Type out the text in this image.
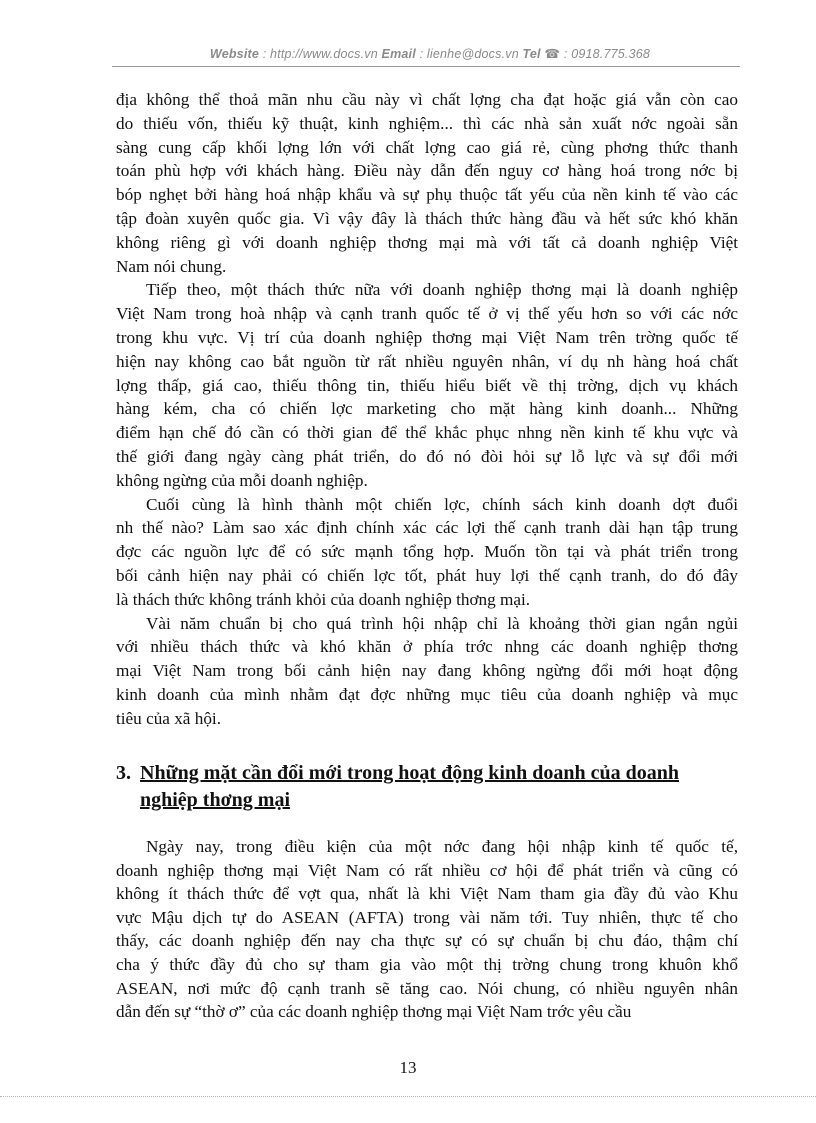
Website : http://www.docs.vn Email : lienhe@docs.vn Tel ☎ : 0918.775.368
địa không thể thoả mãn nhu cầu này vì chất lợng cha đạt hoặc giá vẫn còn cao
do thiếu vốn, thiếu kỹ thuật, kinh nghiệm... thì các nhà sản xuất nớc ngoài sẵn
sàng cung cấp khối lợng lớn với chất lợng cao giá rẻ, cùng phơng thức thanh
toán phù hợp với khách hàng. Điều này dẫn đến nguy cơ hàng hoá trong nớc bị
bóp nghẹt bởi hàng hoá nhập khẩu và sự phụ thuộc tất yếu của nền kinh tế vào các
tập đoàn xuyên quốc gia. Vì vậy đây là thách thức hàng đầu và hết sức khó khăn
không riêng gì với doanh nghiệp thơng mại mà với tất cả doanh nghiệp Việt
Nam nói chung.
Tiếp theo, một thách thức nữa với doanh nghiệp thơng mại là doanh nghiệp
Việt Nam trong hoà nhập và cạnh tranh quốc tế ở vị thế yếu hơn so với các nớc
trong khu vực. Vị trí của doanh nghiệp thơng mại Việt Nam trên trờng quốc tế
hiện nay không cao bắt nguồn từ rất nhiều nguyên nhân, ví dụ nh hàng hoá chất
lợng thấp, giá cao, thiếu thông tin, thiếu hiểu biết về thị trờng, dịch vụ khách
hàng kém, cha có chiến lợc marketing cho mặt hàng kinh doanh... Những
điểm hạn chế đó cần có thời gian để thể khắc phục nhng nền kinh tế khu vực và
thế giới đang ngày càng phát triển, do đó nó đòi hỏi sự lỗ lực và sự đổi mới
không ngừng của mỗi doanh nghiệp.
Cuối cùng là hình thành một chiến lợc, chính sách kinh doanh dợt đuổi
nh thế nào? Làm sao xác định chính xác các lợi thế cạnh tranh dài hạn tập trung
đợc các nguồn lực để có sức mạnh tổng hợp. Muốn tồn tại và phát triển trong
bối cảnh hiện nay phải có chiến lợc tốt, phát huy lợi thế cạnh tranh, do đó đây
là thách thức không tránh khỏi của doanh nghiệp thơng mại.
Vài năm chuẩn bị cho quá trình hội nhập chỉ là khoảng thời gian ngắn ngủi
với nhiều thách thức và khó khăn ở phía trớc nhng các doanh nghiệp thơng
mại Việt Nam trong bối cảnh hiện nay đang không ngừng đổi mới hoạt động
kinh doanh của mình nhằm đạt đợc những mục tiêu của doanh nghiệp và mục
tiêu của xã hội.
3. Những mặt cần đổi mới trong hoạt động kinh doanh của doanh
nghiệp thơng mại
Ngày nay, trong điều kiện của một nớc đang hội nhập kinh tế quốc tế,
doanh nghiệp thơng mại Việt Nam có rất nhiều cơ hội để phát triển và cũng có
không ít thách thức để vợt qua, nhất là khi Việt Nam tham gia đầy đủ vào Khu
vực Mậu dịch tự do ASEAN (AFTA) trong vài năm tới. Tuy nhiên, thực tế cho
thấy, các doanh nghiệp đến nay cha thực sự có sự chuẩn bị chu đáo, thậm chí
cha ý thức đầy đủ cho sự tham gia vào một thị trờng chung trong khuôn khổ
ASEAN, nơi mức độ cạnh tranh sẽ tăng cao. Nói chung, có nhiều nguyên nhân
dẫn đến sự “thờ ơ” của các doanh nghiệp thơng mại Việt Nam trớc yêu cầu
13
